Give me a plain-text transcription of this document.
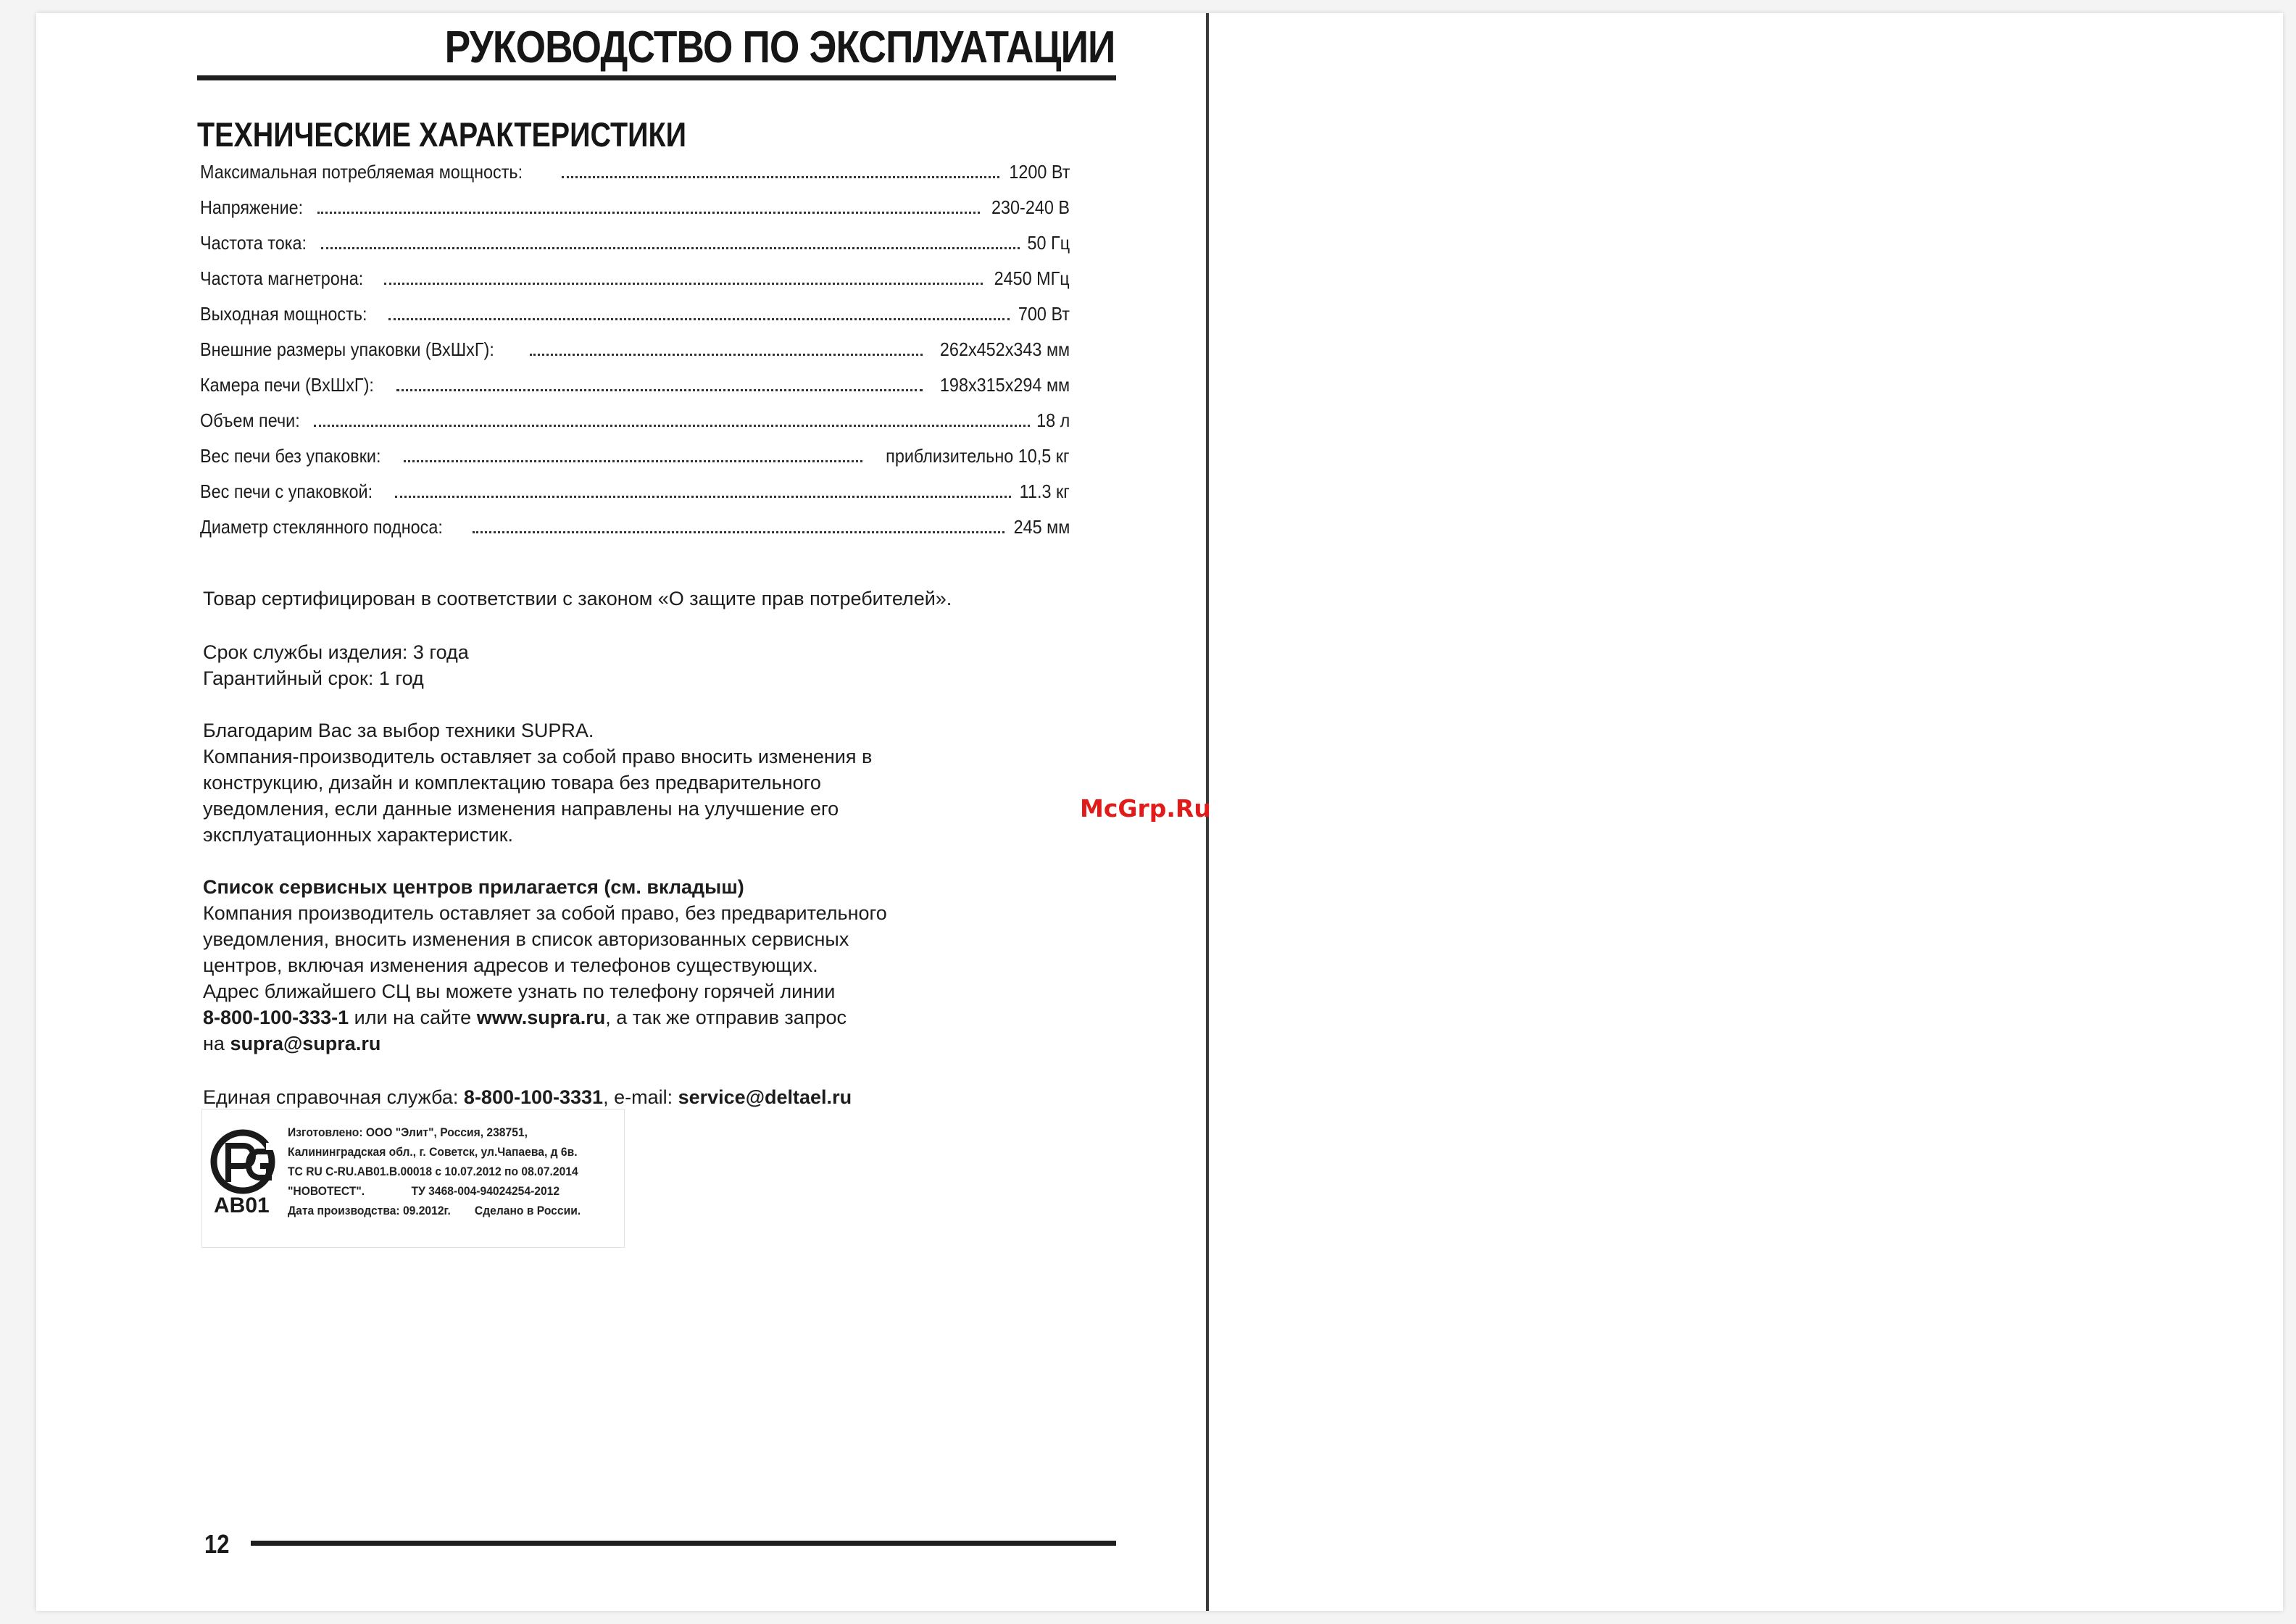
РУКОВОДСТВО ПО ЭКСПЛУАТАЦИИ
ТЕХНИЧЕСКИЕ ХАРАКТЕРИСТИКИ
Максимальная потребляемая мощность:	1200 Вт
Напряжение:	230-240 В
Частота тока:	50 Гц
Частота магнетрона:	2450 МГц
Выходная мощность:	700 Вт
Внешние размеры упаковки (ВхШхГ):	262х452х343 мм
Камера печи (ВхШхГ):	198х315х294 мм
Объем печи:	18 л
Вес печи без упаковки:	приблизительно 10,5 кг
Вес печи с упаковкой:	11.3 кг
Диаметр стеклянного подноса:	245 мм
Товар сертифицирован в соответствии с законом «О защите прав потребителей».
Срок службы изделия: 3 года
Гарантийный срок: 1 год
Благодарим Вас за выбор техники SUPRA.
Компания-производитель оставляет за собой право вносить изменения в
конструкцию, дизайн и комплектацию товара без предварительного
уведомления, если данные изменения направлены на улучшение его
эксплуатационных характеристик.
Список сервисных центров прилагается (см. вкладыш)
Компания производитель оставляет за собой право, без предварительного
уведомления, вносить изменения в список авторизованных сервисных
центров, включая изменения адресов и телефонов существующих.
Адрес ближайшего СЦ вы можете узнать по телефону горячей линии
8-800-100-333-1 или на сайте www.supra.ru, а так же отправив запрос
на supra@supra.ru
Единая справочная служба: 8-800-100-3331, e-mail: service@deltael.ru
АВ01
Изготовлено: ООО "Элит", Россия, 238751,
Калининградская обл., г. Советск, ул.Чапаева, д 6в.
TC RU C-RU.AB01.B.00018 с 10.07.2012 по 08.07.2014
"НОВОТЕСТ".	ТУ 3468-004-94024254-2012
Дата производства: 09.2012г. Сделано в России.
McGrp.Ru
12
